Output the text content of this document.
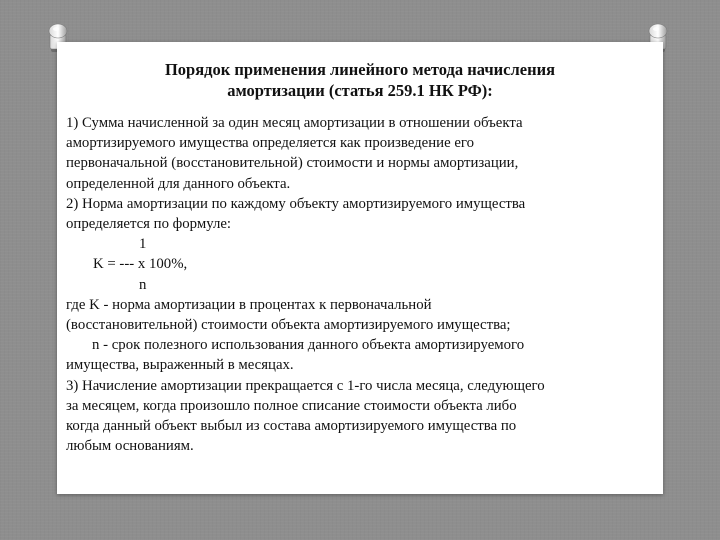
Порядок применения линейного метода начисления
амортизации (статья 259.1 НК РФ):
1) Сумма начисленной за один месяц амортизации в отношении объекта
амортизируемого имущества определяется как произведение его
первоначальной (восстановительной) стоимости и нормы амортизации,
определенной для данного объекта.
2) Норма амортизации по каждому объекту амортизируемого имущества
определяется по формуле:
1
K = --- x 100%,
n
где K - норма амортизации в процентах к первоначальной
(восстановительной) стоимости объекта амортизируемого имущества;
n - срок полезного использования данного объекта амортизируемого
имущества, выраженный в месяцах.
3) Начисление амортизации прекращается с 1-го числа месяца, следующего
за месяцем, когда произошло полное списание стоимости объекта либо
когда данный объект выбыл из состава амортизируемого имущества по
любым основаниям.
